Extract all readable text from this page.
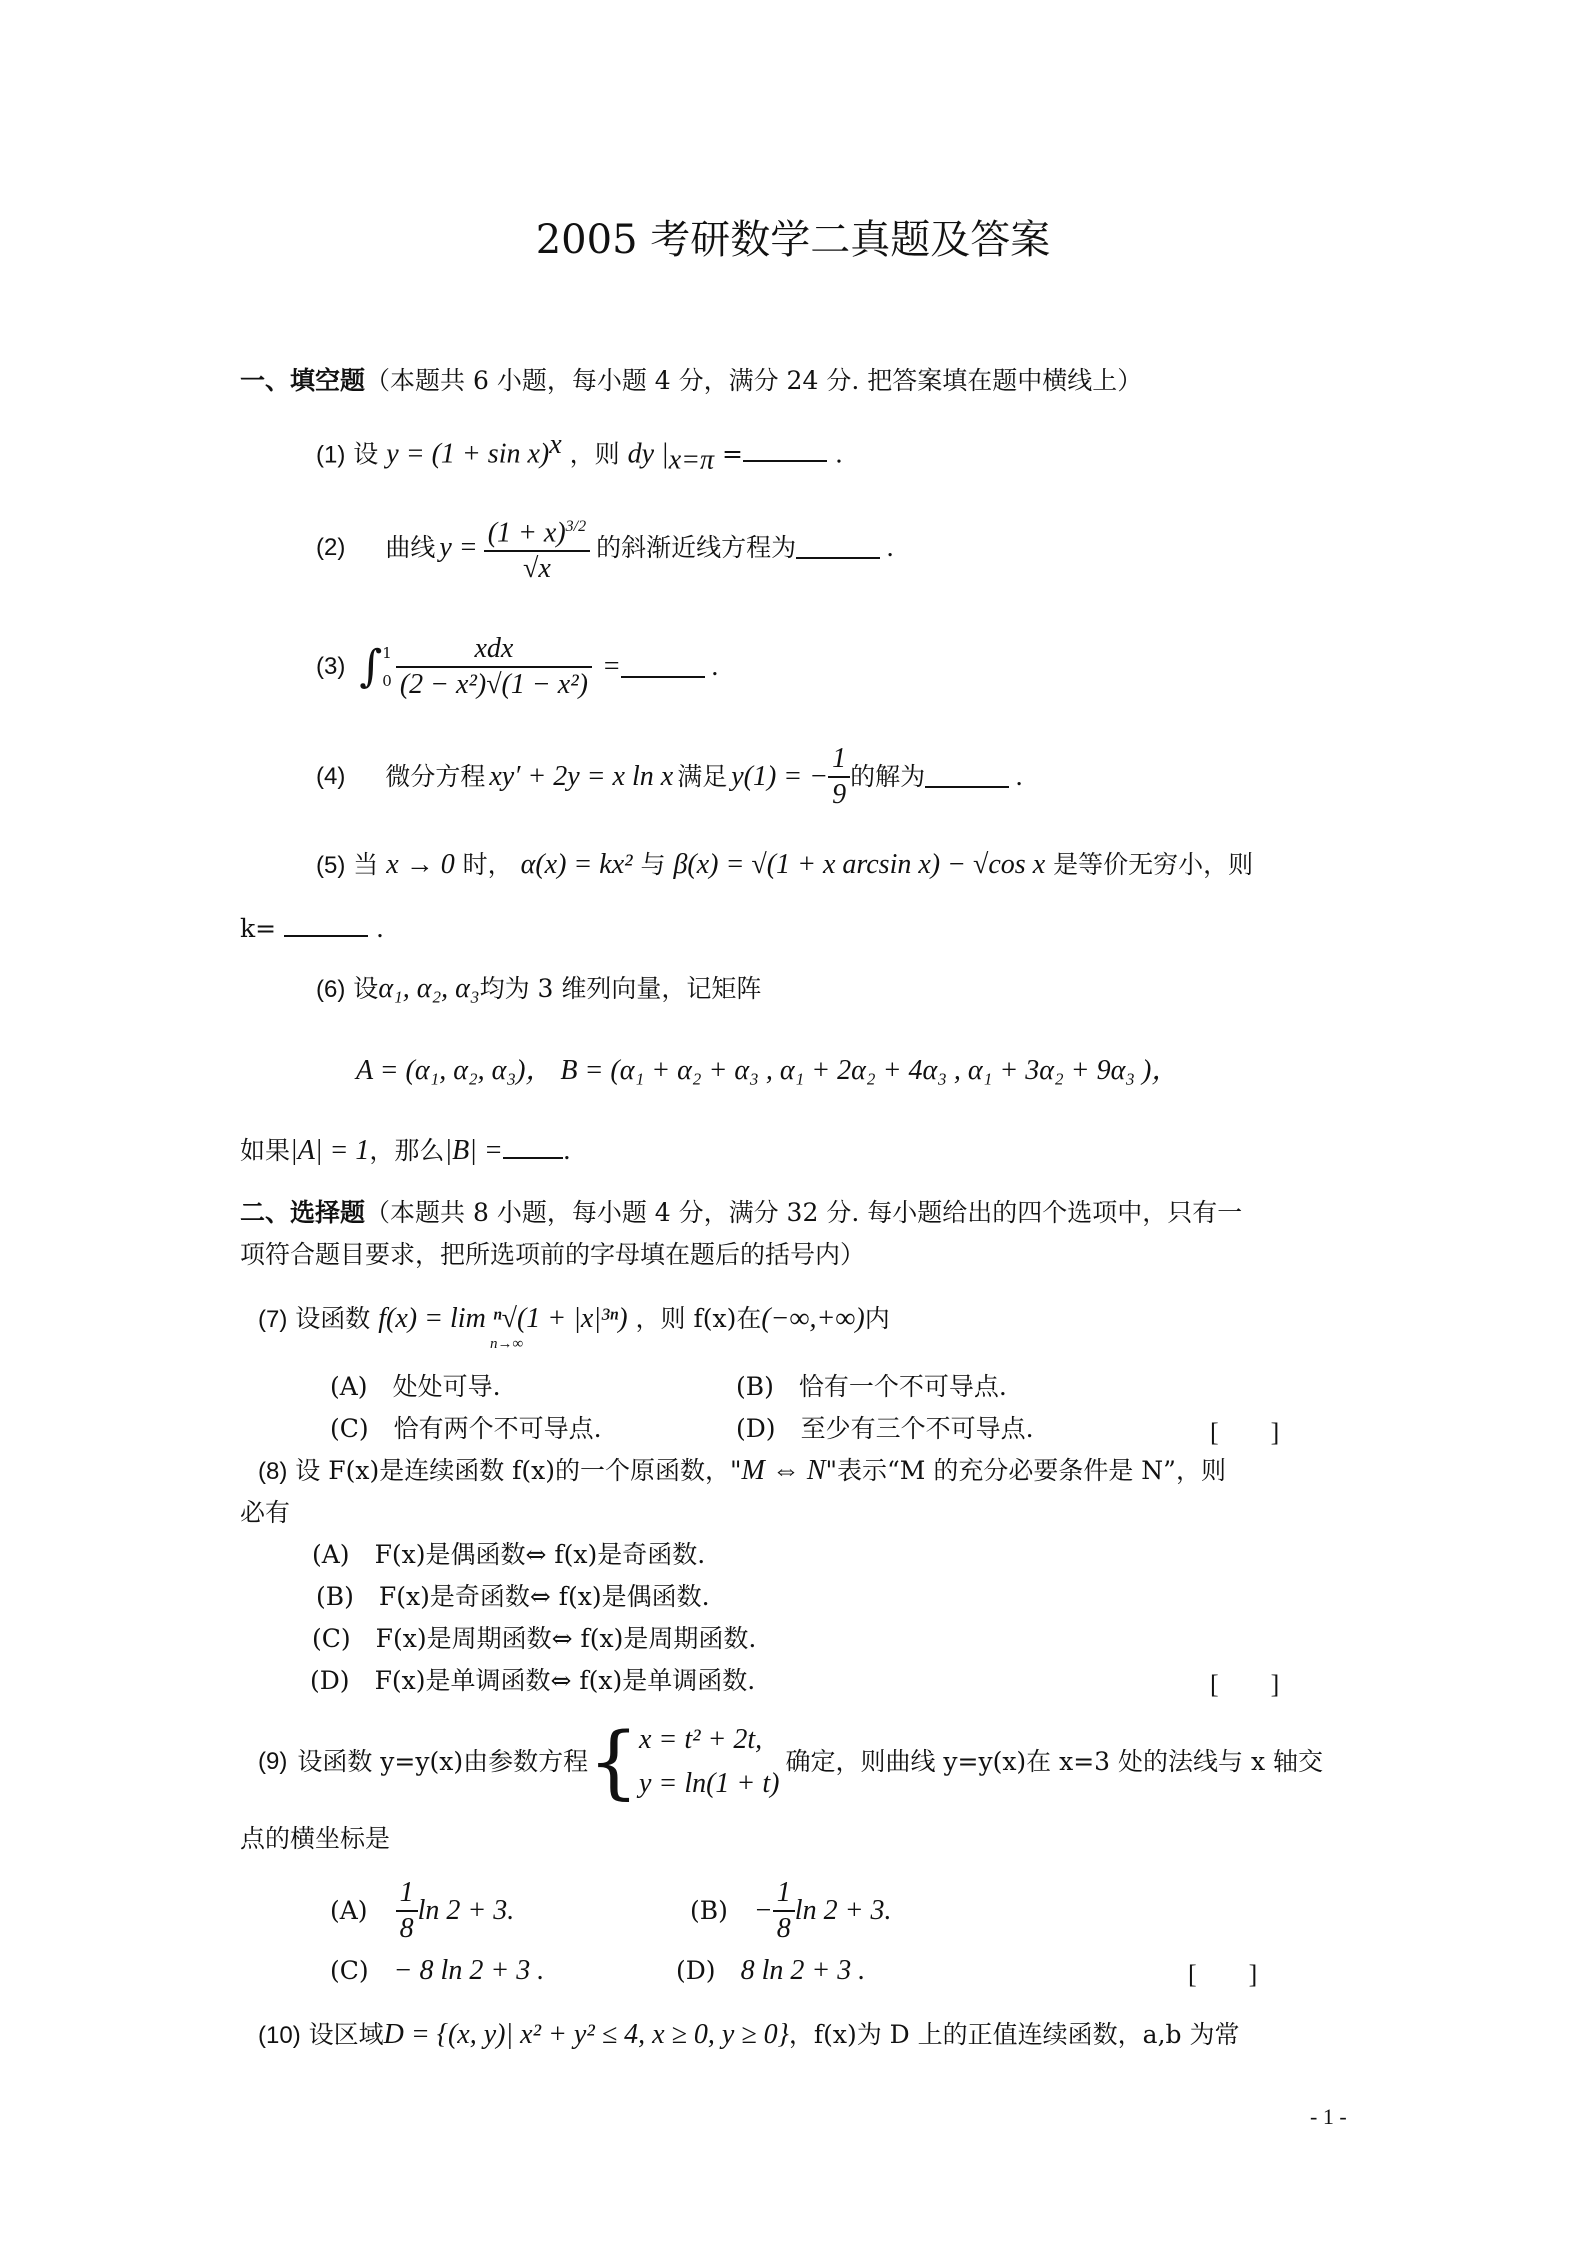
2005 考研数学二真题及答案
一、填空题（本题共 6 小题，每小题 4 分，满分 24 分. 把答案填在题中横线上）
(1) 设 $y = (1 + \sin x)^x$ ，则 dy $|_{x=\pi}$ =	.
(2) 曲线 $y = \frac{(1 + x)^{3/2}}{√x}$ 的斜渐近线方程为	.
(3) ∫ 1
$0 \frac{\text{xdx}}{\text{(2 − x²)√(1 − x²)}}$ =	.
(4) 微分方程 xy′ + 2y = x ln x 满足 y(1) = − $\frac{1}{9}$ 的解为	.
(5) 当 x → 0 时， α(x) = kx² 与 β(x) = √(1 + x arcsin x) − √cos x 是等价无穷小，则
k=	.
(6) 设α₁, α₂, α₃均为 3 维列向量，记矩阵
A = (α₁, α₂, α₃)， B = (α₁ + α₂ + α₃ , α₁ + 2α₂ + 4α₃ , α₁ + 3α₂ + 9α₃ )，
如果|A| = 1，那么|B| = .
二、选择题（本题共 8 小题，每小题 4 分，满分 32 分. 每小题给出的四个选项中，只有一
项符合题目要求，把所选项前的字母填在题后的括号内）
(7) 设函数 f(x) = lim ⁿ√(1 + |x|³ⁿ) ，则 f(x)在(−∞,+∞)内
n→∞
(A)　 处处可导.	(B)　 恰有一个不可导点.
(C)　 恰有两个不可导点.	(D)　 至少有三个不可导点.	[　　]
(8) 设 F(x)是连续函数 f(x)的一个原函数，"M ⇔ N"表示“M 的充分必要条件是 N”，则
必有
(A)　 F(x)是偶函数⇔ f(x)是奇函数.
(B)　 F(x)是奇函数⇔ f(x)是偶函数.
(C)　 F(x)是周期函数⇔ f(x)是周期函数.
(D)　 F(x)是单调函数⇔ f(x)是单调函数.	[　　]
(9) 设函数 y=y(x)由参数方程 { x = t² + 2t,
y = ln(1 + t)
确定，则曲线 y=y(x)在 x=3 处的法线与 x 轴交
点的横坐标是
$(A) \frac{1}{8}$ ln 2 + 3.	$(B) - \frac{1}{8}$ ln 2 + 3.
(C)　 − 8 ln 2 + 3 .	(D)　 8 ln 2 + 3 .	[　　]
(10) 设区域D = {(x, y)| x² + y² ≤ 4, x ≥ 0, y ≥ 0}，f(x)为 D 上的正值连续函数，a,b 为常
- 1 -
